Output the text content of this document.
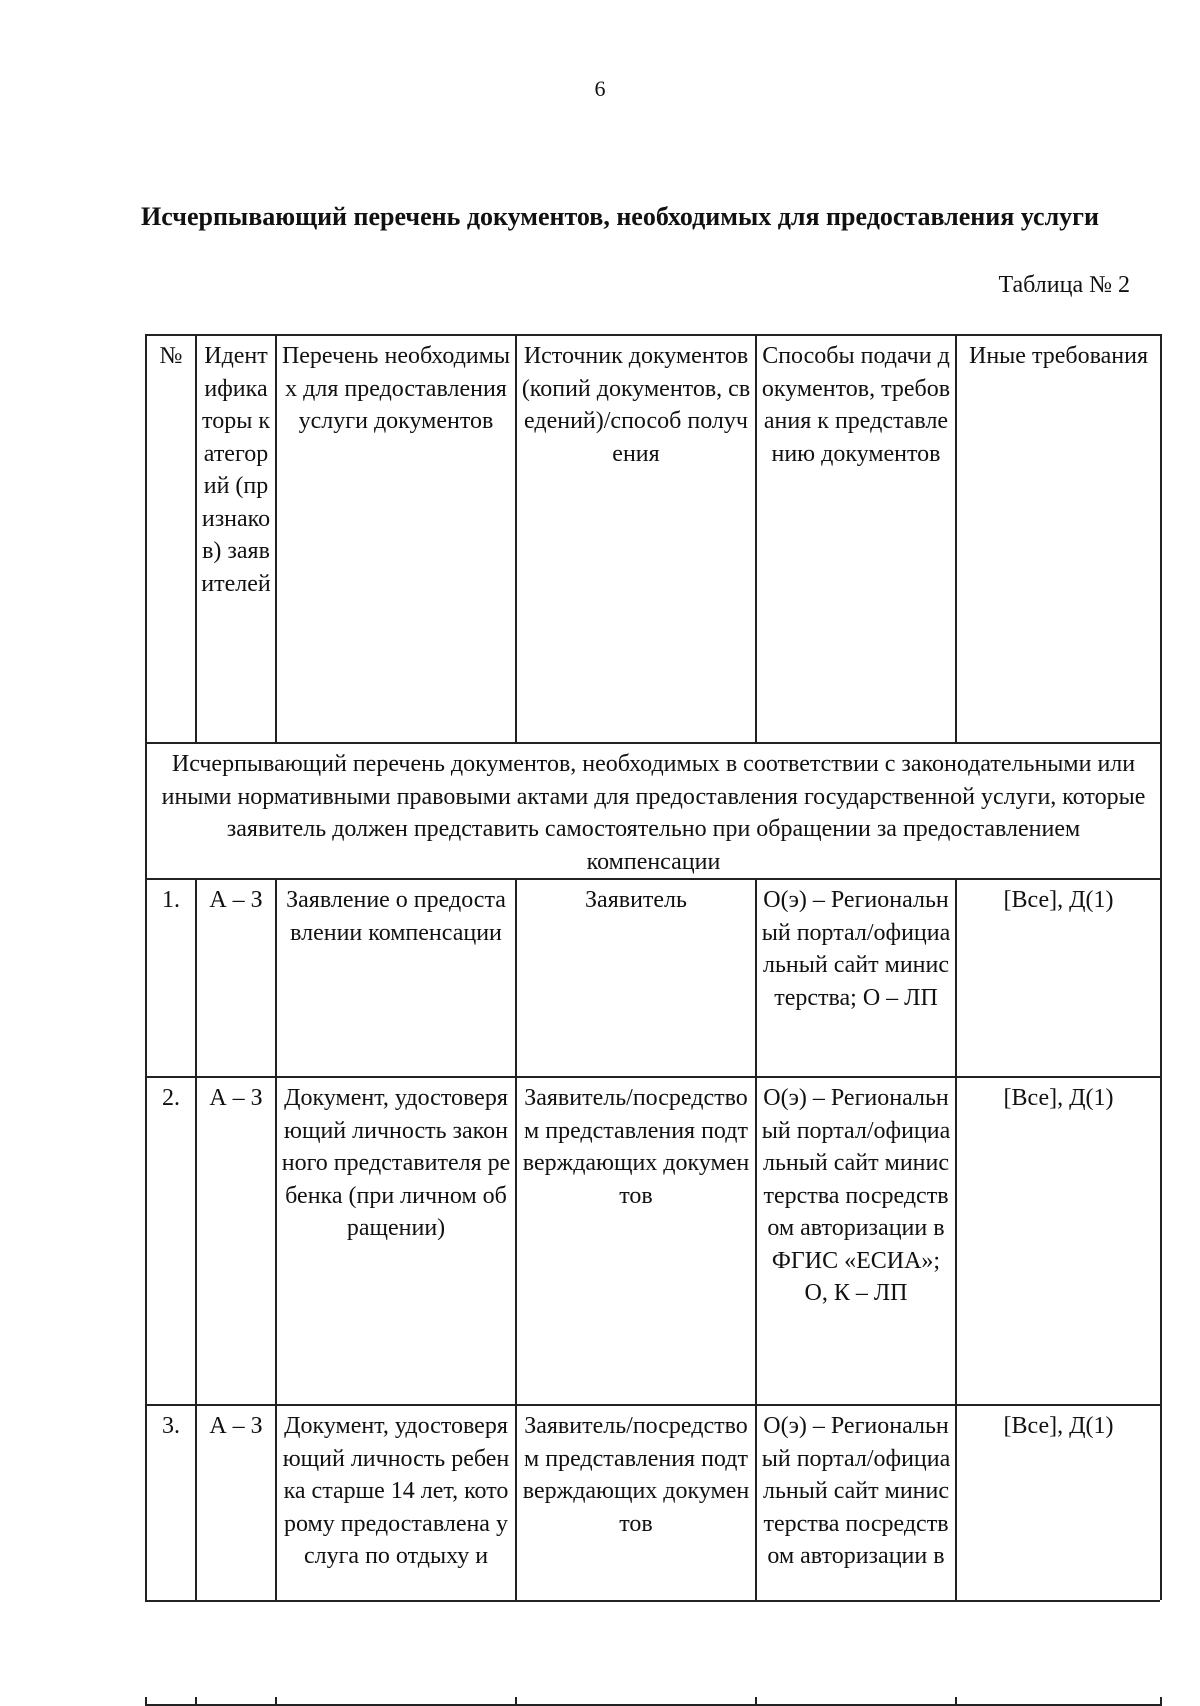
6
Исчерпывающий перечень документов, необходимых для предоставления услуги
Таблица № 2
№	Идентификаторы категорий (признаков) заявителей	Перечень необходимых для предоставления услуги документов	Источник документов (копий документов, сведений)/способ получения	Способы подачи документов, требования к представлению документов	Иные требования
Исчерпывающий перечень документов, необходимых в соответствии с законодательными или иными нормативными правовыми актами для предоставления государственной услуги, которые заявитель должен представить самостоятельно при обращении за предоставлением компенсации					
1.	А – З	Заявление о предоставлении компенсации	Заявитель	О(э) – Региональный портал/официальный сайт министерства; О – ЛП	[Все], Д(1)
2.	А – З	Документ, удостоверяющий личность законного представителя ребенка (при личном обращении)	Заявитель/посредством представления подтверждающих документов	О(э) – Региональный портал/официальный сайт министерства посредством авторизации в ФГИС «ЕСИА»; О, К – ЛП	[Все], Д(1)
3.	А – З	Документ, удостоверяющий личность ребенка старше 14 лет, которому предоставлена услуга по отдыху и	Заявитель/посредством представления подтверждающих документов	О(э) – Региональный портал/официальный сайт министерства посредством авторизации в	[Все], Д(1)
